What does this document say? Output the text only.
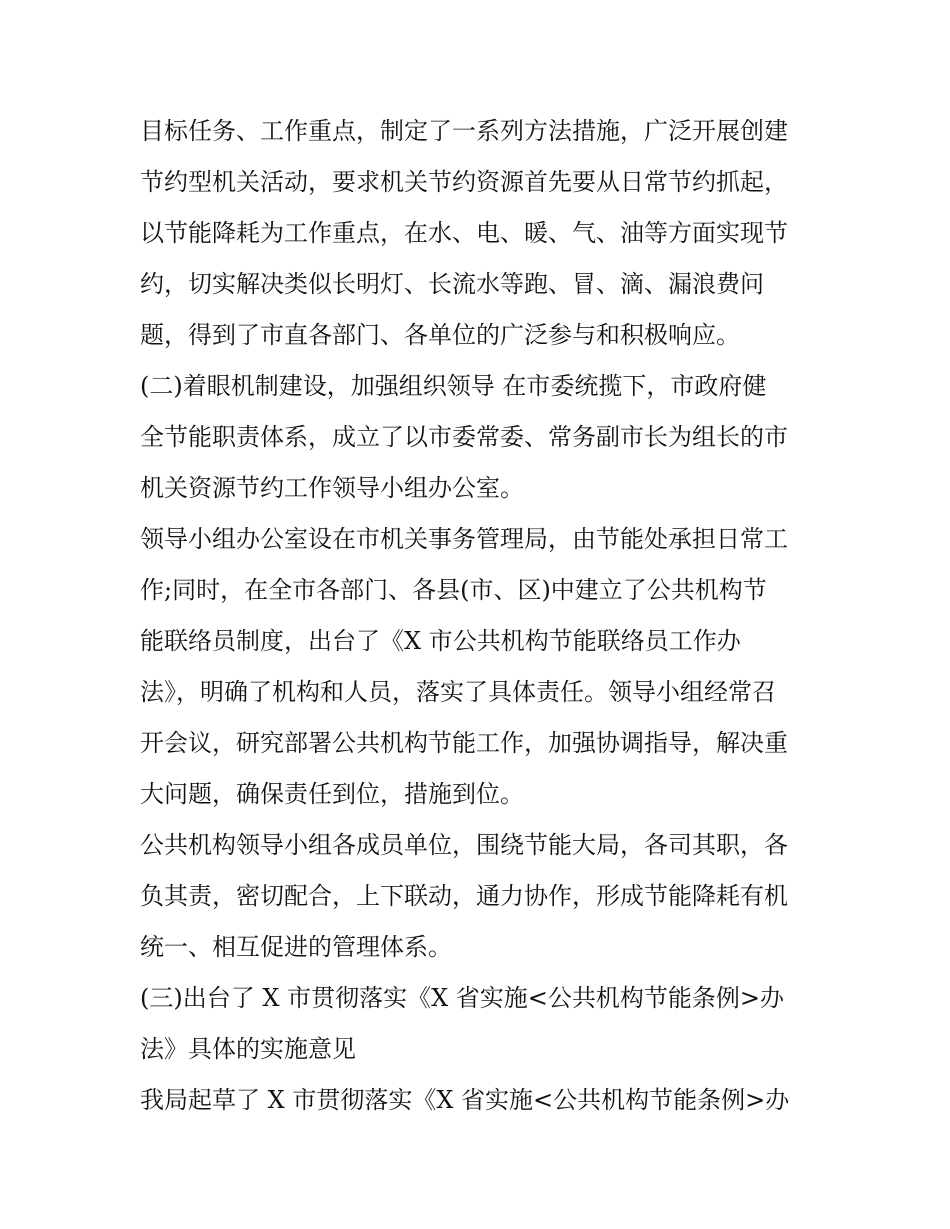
目标任务、工作重点，制定了一系列方法措施，广泛开展创建
节约型机关活动，要求机关节约资源首先要从日常节约抓起，
以节能降耗为工作重点，在水、电、暖、气、油等方面实现节
约，切实解决类似长明灯、长流水等跑、冒、滴、漏浪费问
题，得到了市直各部门、各单位的广泛参与和积极响应。
(二)着眼机制建设，加强组织领导 在市委统揽下，市政府健
全节能职责体系，成立了以市委常委、常务副市长为组长的市
机关资源节约工作领导小组办公室。
领导小组办公室设在市机关事务管理局，由节能处承担日常工
作;同时，在全市各部门、各县(市、区)中建立了公共机构节
能联络员制度，出台了《X 市公共机构节能联络员工作办
法》，明确了机构和人员，落实了具体责任。领导小组经常召
开会议，研究部署公共机构节能工作，加强协调指导，解决重
大问题，确保责任到位，措施到位。
公共机构领导小组各成员单位，围绕节能大局，各司其职，各
负其责，密切配合，上下联动，通力协作，形成节能降耗有机
统一、相互促进的管理体系。
(三)出台了 X 市贯彻落实《X 省实施<公共机构节能条例>办
法》具体的实施意见
我局起草了 X 市贯彻落实《X 省实施<公共机构节能条例>办
